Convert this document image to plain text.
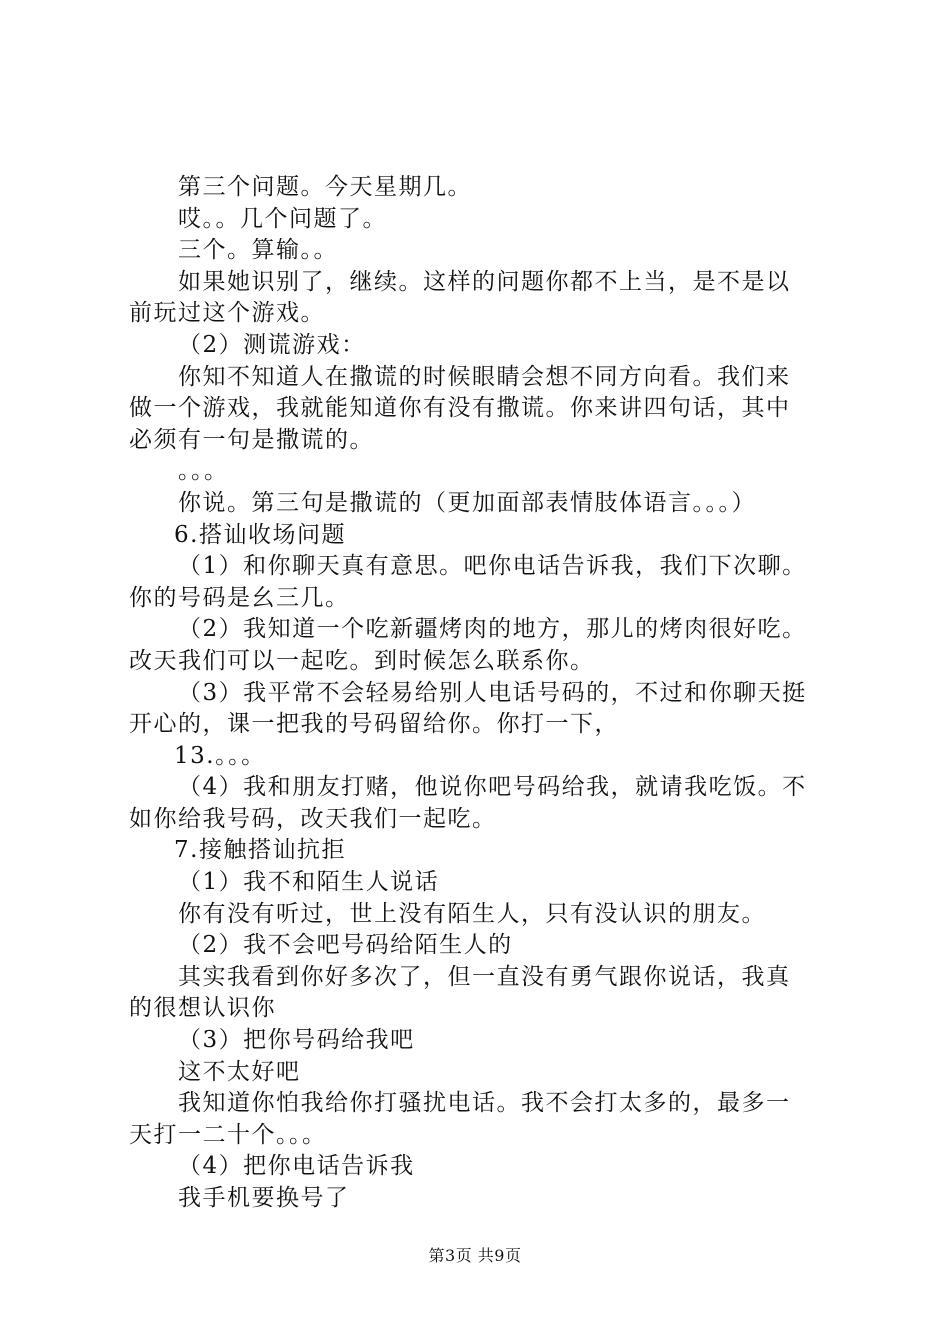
第三个问题。今天星期几。
哎。。几个问题了。
三个。算输。。
如果她识别了，继续。这样的问题你都不上当，是不是以
前玩过这个游戏。
（2）测谎游戏：
你知不知道人在撒谎的时候眼睛会想不同方向看。我们来
做一个游戏，我就能知道你有没有撒谎。你来讲四句话，其中
必须有一句是撒谎的。
。。。
你说。第三句是撒谎的（更加面部表情肢体语言。。。）
6.搭讪收场问题
（1）和你聊天真有意思。吧你电话告诉我，我们下次聊。
你的号码是幺三几。
（2）我知道一个吃新疆烤肉的地方，那儿的烤肉很好吃。
改天我们可以一起吃。到时候怎么联系你。
（3）我平常不会轻易给别人电话号码的，不过和你聊天挺
开心的，课一把我的号码留给你。你打一下，
13.。。。
（4）我和朋友打赌，他说你吧号码给我，就请我吃饭。不
如你给我号码，改天我们一起吃。
7.接触搭讪抗拒
（1）我不和陌生人说话
你有没有听过，世上没有陌生人，只有没认识的朋友。
（2）我不会吧号码给陌生人的
其实我看到你好多次了，但一直没有勇气跟你说话，我真
的很想认识你
（3）把你号码给我吧
这不太好吧
我知道你怕我给你打骚扰电话。我不会打太多的，最多一
天打一二十个。。。
（4）把你电话告诉我
我手机要换号了
第3页 共9页
